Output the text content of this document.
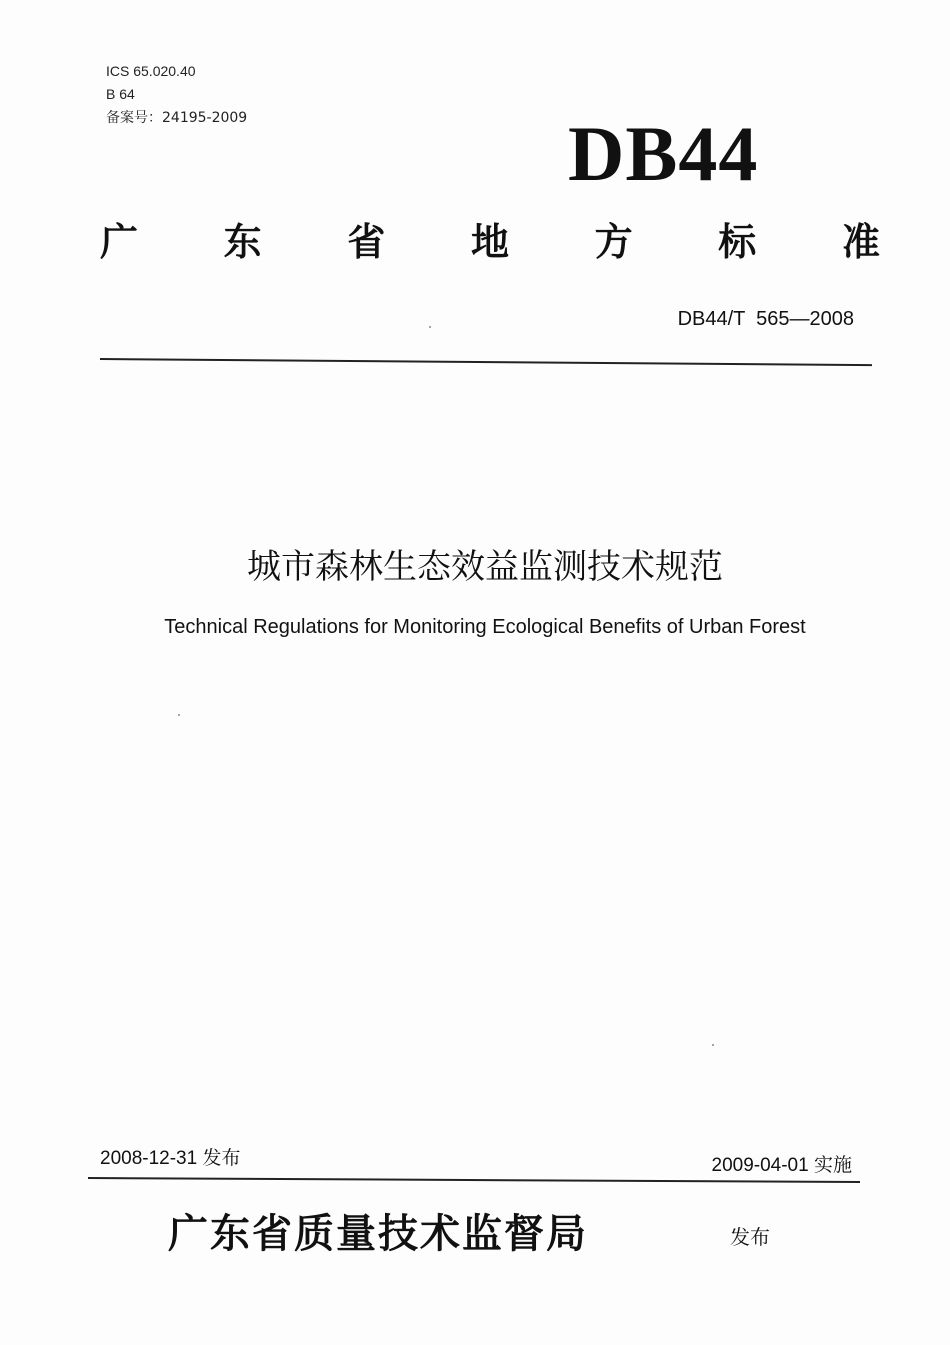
ICS 65.020.40
B 64
备案号：24195-2009	DB44
广 东 省 地 方 标 准
DB44/T  565—2008
城市森林生态效益监测技术规范
Technical Regulations for Monitoring Ecological Benefits of Urban Forest
2008-12-31 发布	2009-04-01 实施
广东省质量技术监督局	发布
